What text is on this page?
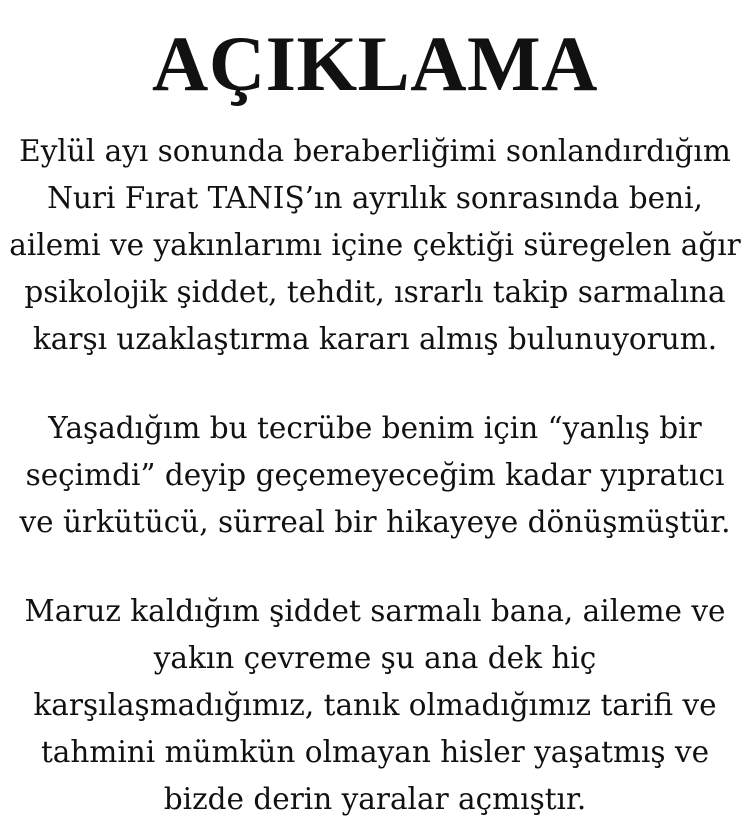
AÇIKLAMA

Eylül ayı sonunda beraberliğimi sonlandırdığım
Nuri Fırat TANIŞ’ın ayrılık sonrasında beni,
ailemi ve yakınlarımı içine çektiği süregelen ağır
psikolojik şiddet, tehdit, ısrarlı takip sarmalına
karşı uzaklaştırma kararı almış bulunuyorum.

Yaşadığım bu tecrübe benim için “yanlış bir
seçimdi” deyip geçemeyeceğim kadar yıpratıcı
ve ürkütücü, sürreal bir hikayeye dönüşmüştür.

Maruz kaldığım şiddet sarmalı bana, aileme ve
yakın çevreme şu ana dek hiç
karşılaşmadığımız, tanık olmadığımız tarifi ve
tahmini mümkün olmayan hisler yaşatmış ve
bizde derin yaralar açmıştır.
